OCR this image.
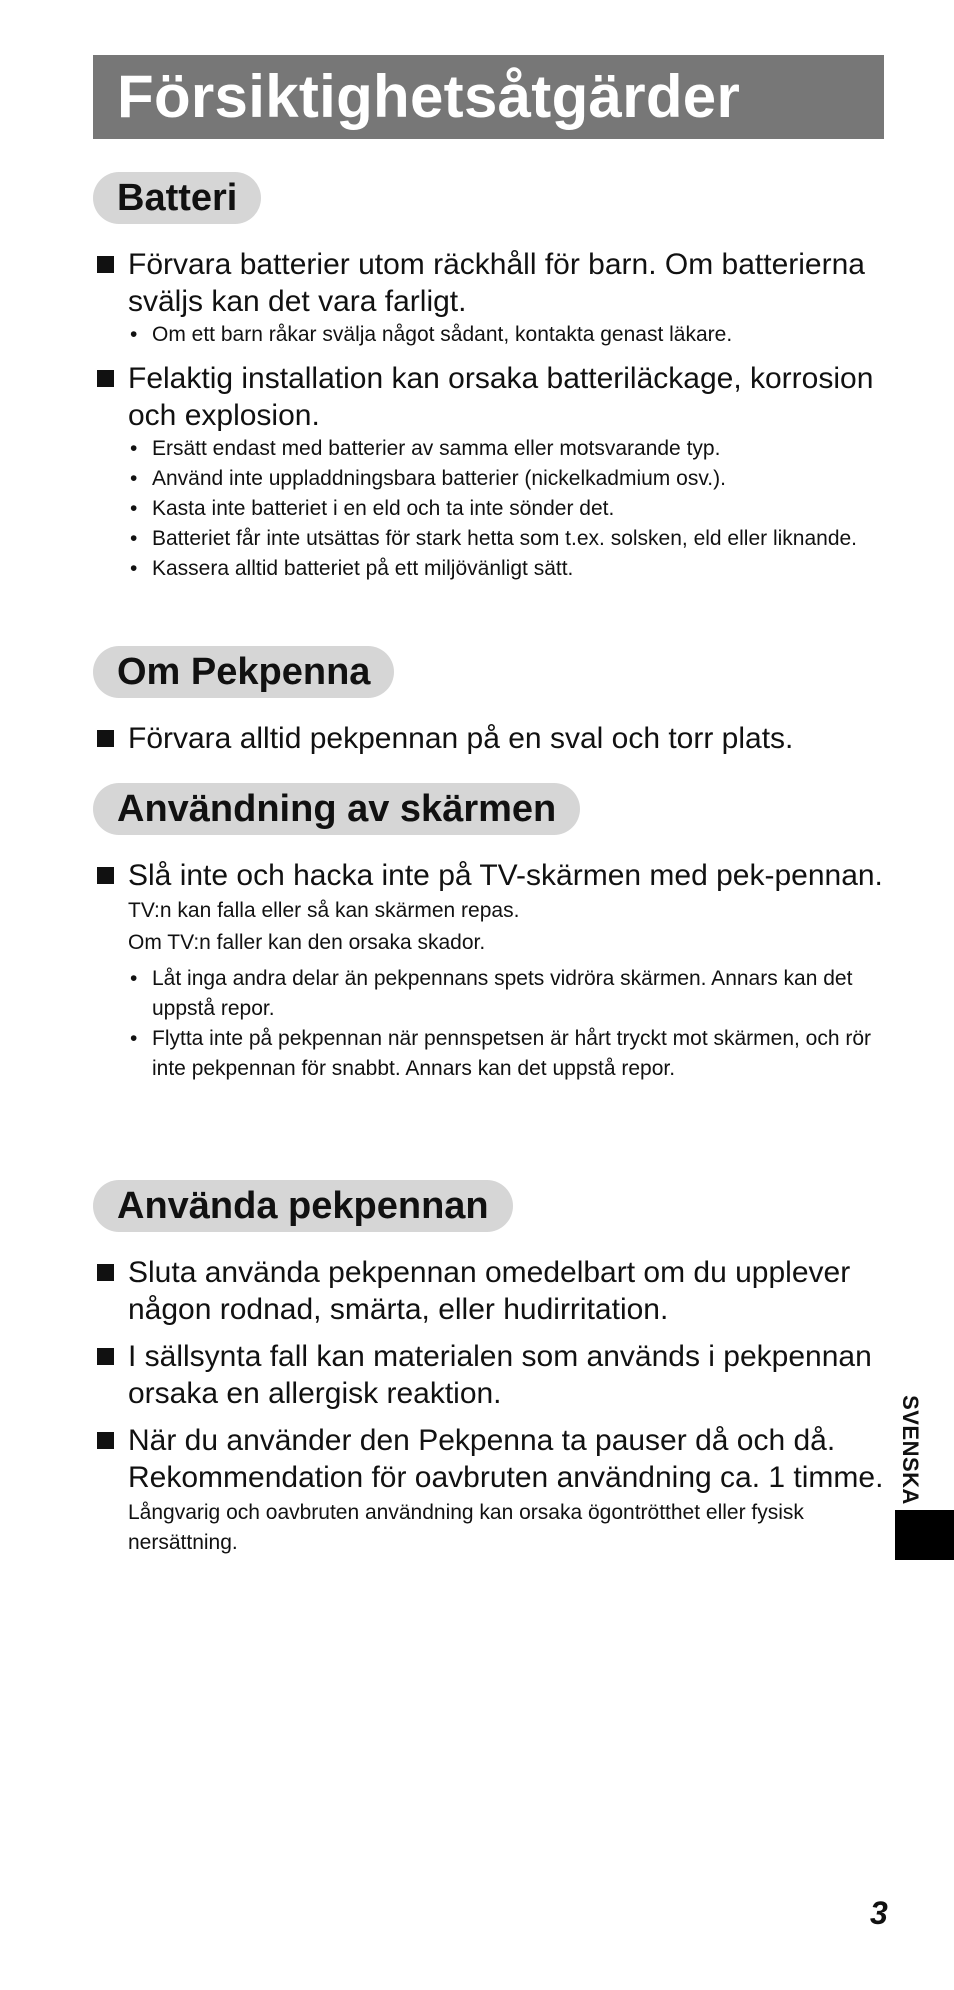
Försiktighetsåtgärder
Batteri

Förvara batterier utom räckhåll för barn. Om batterierna sväljs kan det vara farligt.

• Om ett barn råkar svälja något sådant, kontakta genast läkare.

Felaktig installation kan orsaka batteriläckage, korrosion och explosion.

• Ersätt endast med batterier av samma eller motsvarande typ.
• Använd inte uppladdningsbara batterier (nickelkadmium osv.).
• Kasta inte batteriet i en eld och ta inte sönder det.
• Batteriet får inte utsättas för stark hetta som t.ex. solsken, eld eller liknande.
• Kassera alltid batteriet på ett miljövänligt sätt.
Om Pekpenna

Förvara alltid pekpennan på en sval och torr plats.

Användning av skärmen

Slå inte och hacka inte på TV-skärmen med pek-pennan.

TV:n kan falla eller så kan skärmen repas.

Om TV:n faller kan den orsaka skador.

• Låt inga andra delar än pekpennans spets vidröra skärmen. Annars kan det uppstå repor.
• Flytta inte på pekpennan när pennspetsen är hårt tryckt mot skärmen, och rör inte pekpennan för snabbt. Annars kan det uppstå repor.
Använda pekpennan

Sluta använda pekpennan omedelbart om du upplever någon rodnad, smärta, eller hudirritation.

I sällsynta fall kan materialen som används i pekpennan orsaka en allergisk reaktion.

När du använder den Pekpenna ta pauser då och då. Rekommendation för oavbruten användning ca. 1 timme.

Långvarig och oavbruten användning kan orsaka ögontrötthet eller fysisk nersättning.

SVENSKA
3
